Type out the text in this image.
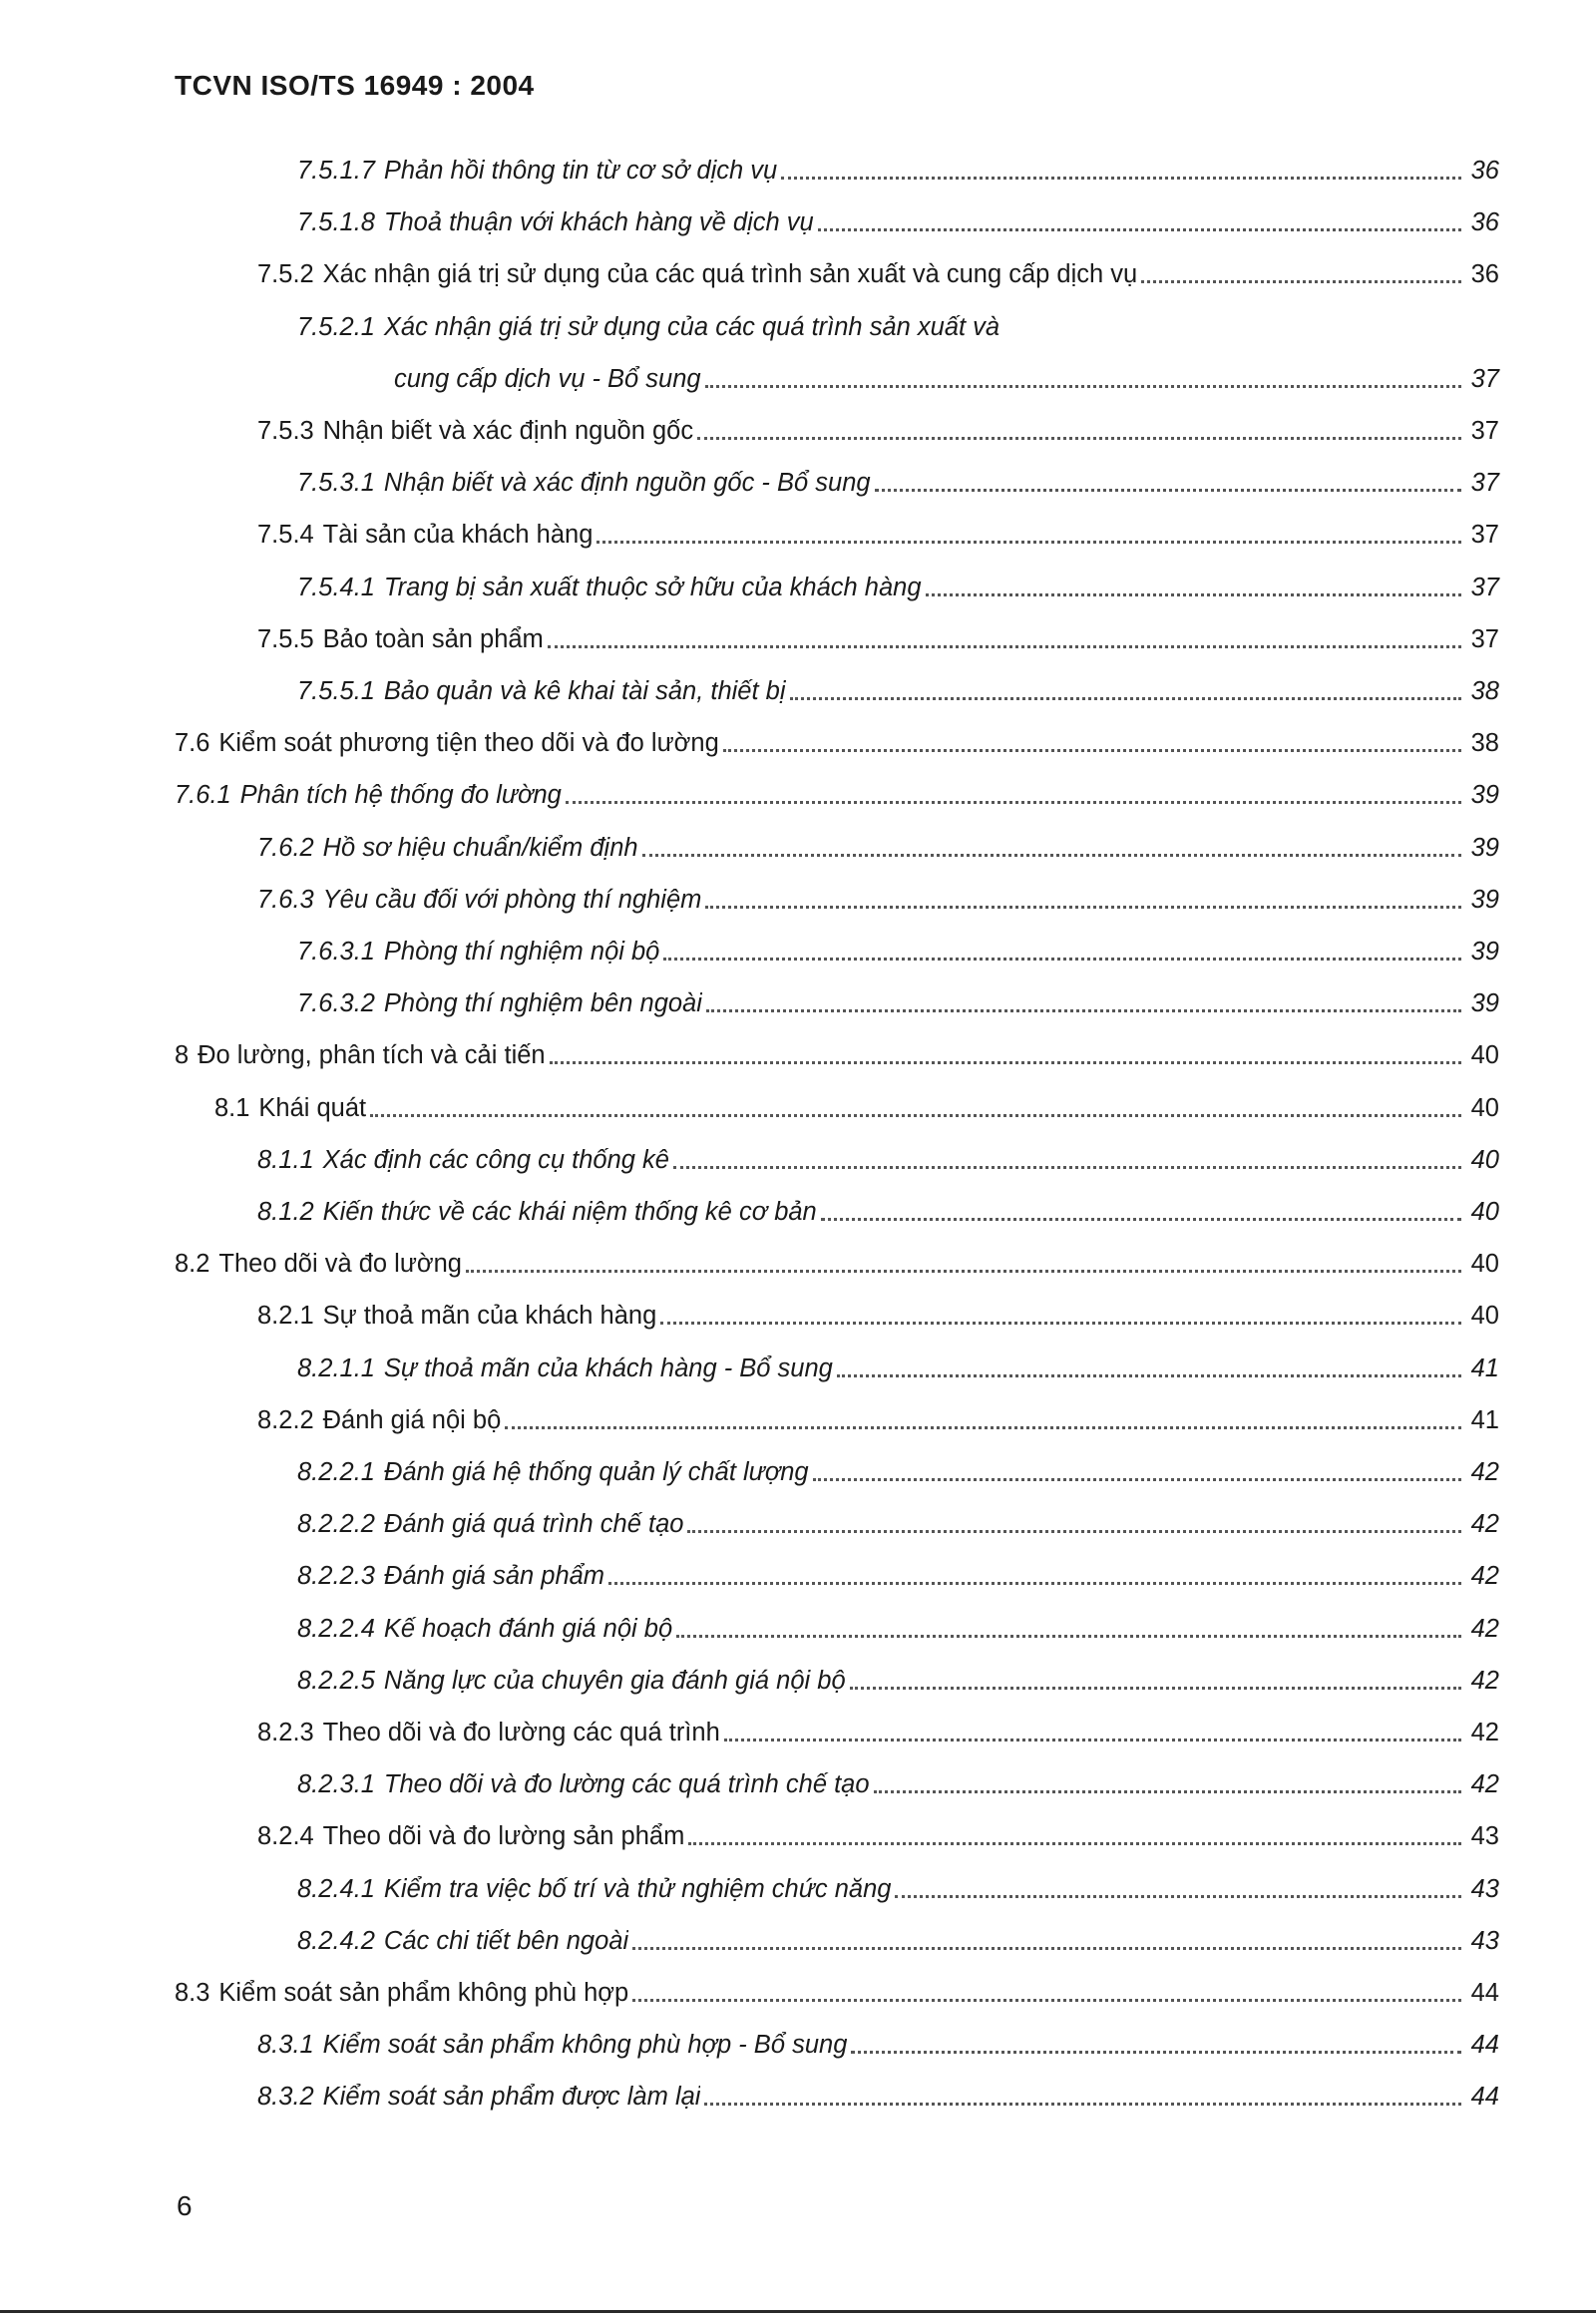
TCVN ISO/TS 16949 : 2004
7.5.1.7 Phản hồi thông tin từ cơ sở dịch vụ	36
7.5.1.8 Thoả thuận với khách hàng về dịch vụ	36
7.5.2 Xác nhận giá trị sử dụng của các quá trình sản xuất và cung cấp dịch vụ	36
7.5.2.1 Xác nhận giá trị sử dụng của các quá trình sản xuất và
cung cấp dịch vụ - Bổ sung	37
7.5.3 Nhận biết và xác định nguồn gốc	37
7.5.3.1 Nhận biết và xác định nguồn gốc - Bổ sung	37
7.5.4 Tài sản của khách hàng	37
7.5.4.1 Trang bị sản xuất thuộc sở hữu của khách hàng	37
7.5.5 Bảo toàn sản phẩm	37
7.5.5.1 Bảo quản và kê khai tài sản, thiết bị	38
7.6 Kiểm soát phương tiện theo dõi và đo lường	38
7.6.1 Phân tích hệ thống đo lường	39
7.6.2 Hồ sơ hiệu chuẩn/kiểm định	39
7.6.3 Yêu cầu đối với phòng thí nghiệm	39
7.6.3.1 Phòng thí nghiệm nội bộ	39
7.6.3.2 Phòng thí nghiệm bên ngoài	39
8 Đo lường, phân tích và cải tiến	40
8.1 Khái quát	40
8.1.1 Xác định các công cụ thống kê	40
8.1.2 Kiến thức về các khái niệm thống kê cơ bản	40
8.2 Theo dõi và đo lường	40
8.2.1 Sự thoả mãn của khách hàng	40
8.2.1.1 Sự thoả mãn của khách hàng - Bổ sung	41
8.2.2 Đánh giá nội bộ	41
8.2.2.1 Đánh giá hệ thống quản lý chất lượng	42
8.2.2.2 Đánh giá quá trình chế tạo	42
8.2.2.3 Đánh giá sản phẩm	42
8.2.2.4 Kế hoạch đánh giá nội bộ	42
8.2.2.5 Năng lực của chuyên gia đánh giá nội bộ	42
8.2.3 Theo dõi và đo lường các quá trình	42
8.2.3.1 Theo dõi và đo lường các quá trình chế tạo	42
8.2.4 Theo dõi và đo lường sản phẩm	43
8.2.4.1 Kiểm tra việc bố trí và thử nghiệm chức năng	43
8.2.4.2 Các chi tiết bên ngoài	43
8.3 Kiểm soát sản phẩm không phù hợp	44
8.3.1 Kiểm soát sản phẩm không phù hợp - Bổ sung	44
8.3.2 Kiểm soát sản phẩm được làm lại	44
6
